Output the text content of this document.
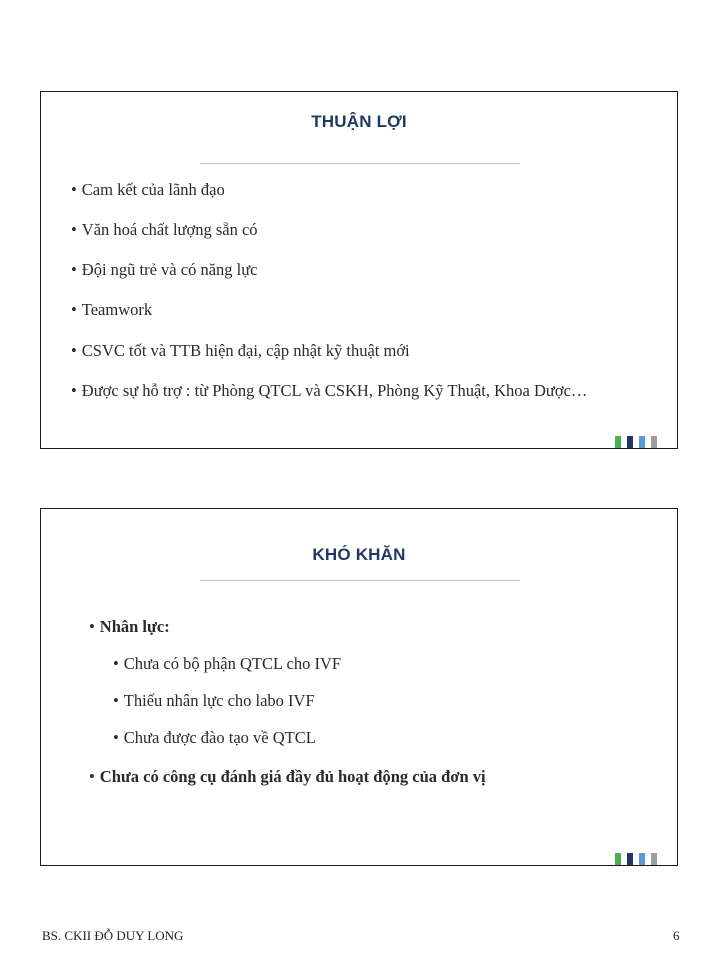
THUẬN LỢI
• Cam kết của lãnh đạo
• Văn hoá chất lượng sẵn có
• Đội ngũ trẻ và có năng lực
• Teamwork
• CSVC tốt và TTB hiện đại, cập nhật kỹ thuật mới
• Được sự hỗ trợ : từ Phòng QTCL và CSKH, Phòng Kỹ Thuật, Khoa Dược…
KHÓ KHĂN
• Nhân lực:
• Chưa có bộ phận QTCL cho IVF
• Thiếu nhân lực cho labo IVF
• Chưa được đào tạo về QTCL
• Chưa có công cụ đánh giá đầy đủ hoạt động của đơn vị
BS. CKII ĐỖ DUY LONG	6
